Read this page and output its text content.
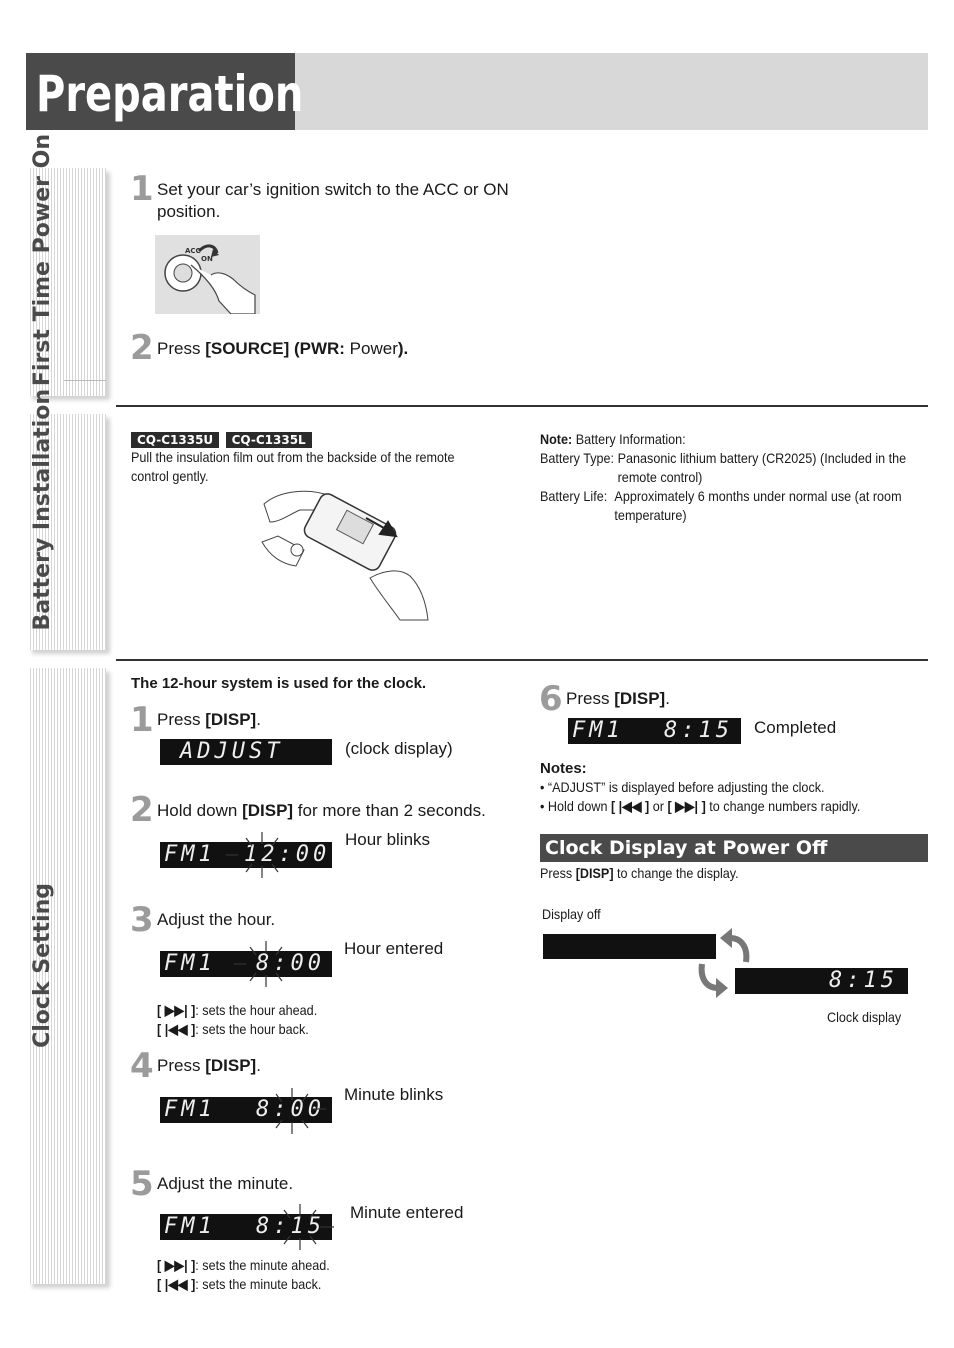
Preparation
First Time Power On
Battery Installation
Clock Setting
1 Set your car’s ignition switch to the ACC or ON position.
ACC
ON
2 Press [SOURCE] (PWR: Power).
CQ-C1335U CQ-C1335L
Pull the insulation film out from the backside of the remote control gently.
Note: Battery Information:
Battery Type: Panasonic lithium battery (CR2025) (Included in the remote control)
Battery Life: Approximately 6 months under normal use (at room temperature)
The 12-hour system is used for the clock.
1 Press [DISP].
ADJUST	(clock display)
2 Hold down [DISP] for more than 2 seconds.
Hour blinks
FM1 12:00
3 Adjust the hour.
Hour entered
FM1 8:00
[ ▶▶| ]: sets the hour ahead.
[ |◀◀ ]: sets the hour back.
4 Press [DISP].
Minute blinks
FM1 8:00
5 Adjust the minute.
Minute entered
FM1 8:15
[ ▶▶| ]: sets the minute ahead.
[ |◀◀ ]: sets the minute back.
6 Press [DISP].
FM1 8:15 Completed
Notes:
• “ADJUST” is displayed before adjusting the clock.
• Hold down [ |◀◀ ] or [ ▶▶| ] to change numbers rapidly.
Clock Display at Power Off
Press [DISP] to change the display.
Display off
8:15
Clock display
